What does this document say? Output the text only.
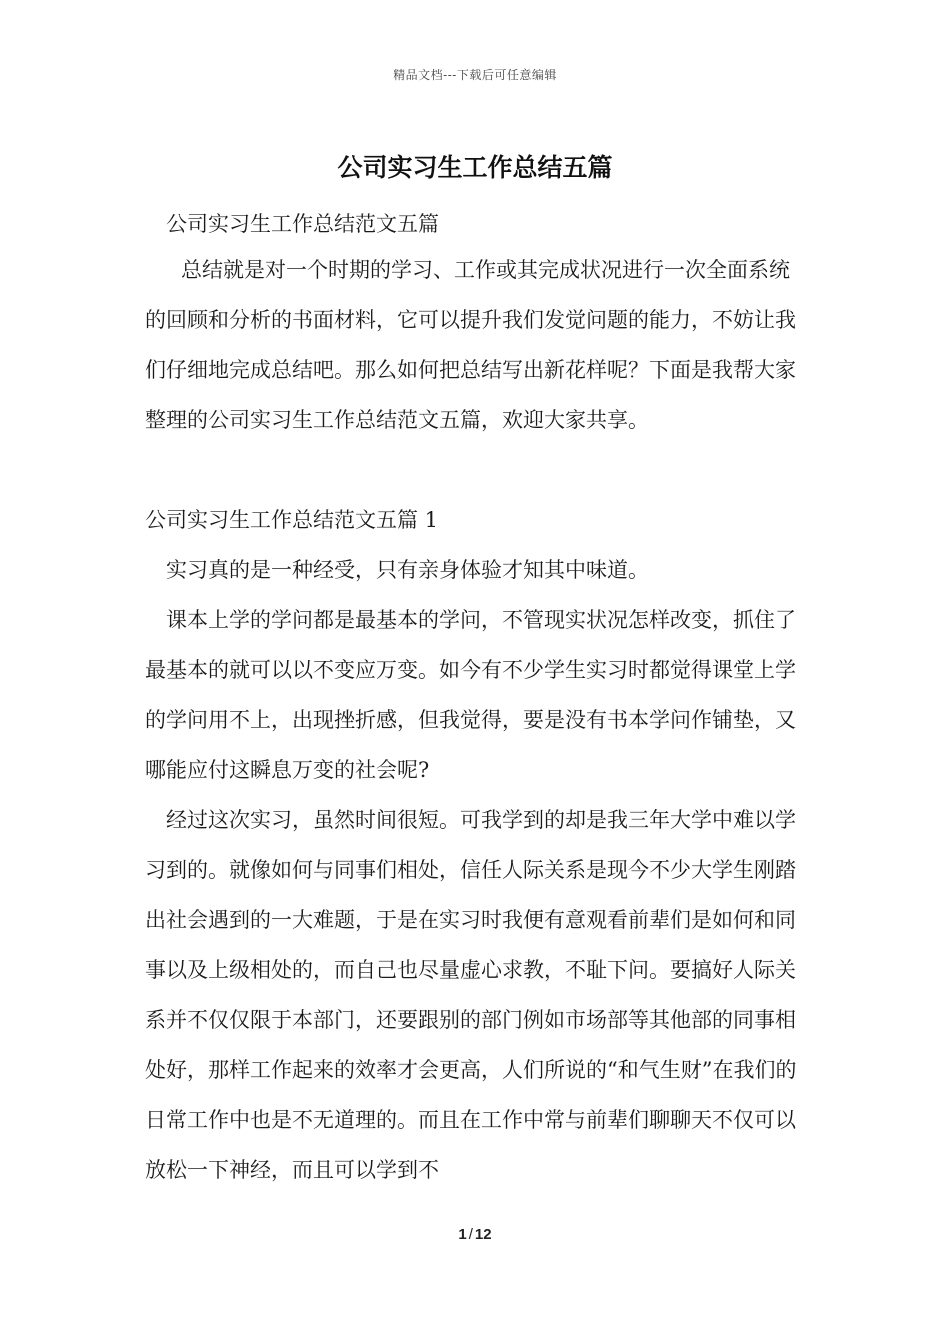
精品文档---下载后可任意编辑
公司实习生工作总结五篇
公司实习生工作总结范文五篇

总结就是对一个时期的学习、工作或其完成状况进行一次全面系统的回顾和分析的书面材料，它可以提升我们发觉问题的能力，不妨让我们仔细地完成总结吧。那么如何把总结写出新花样呢？下面是我帮大家整理的公司实习生工作总结范文五篇，欢迎大家共享。

公司实习生工作总结范文五篇 1

实习真的是一种经受，只有亲身体验才知其中味道。

课本上学的学问都是最基本的学问，不管现实状况怎样改变，抓住了最基本的就可以以不变应万变。如今有不少学生实习时都觉得课堂上学的学问用不上，出现挫折感，但我觉得，要是没有书本学问作铺垫，又哪能应付这瞬息万变的社会呢?

经过这次实习，虽然时间很短。可我学到的却是我三年大学中难以学习到的。就像如何与同事们相处，信任人际关系是现今不少大学生刚踏出社会遇到的一大难题，于是在实习时我便有意观看前辈们是如何和同事以及上级相处的，而自己也尽量虚心求教，不耻下问。要搞好人际关系并不仅仅限于本部门，还要跟别的部门例如市场部等其他部的同事相处好，那样工作起来的效率才会更高，人们所说的“和气生财”在我们的日常工作中也是不无道理的。而且在工作中常与前辈们聊聊天不仅可以放松一下神经，而且可以学到不

1 / 12
